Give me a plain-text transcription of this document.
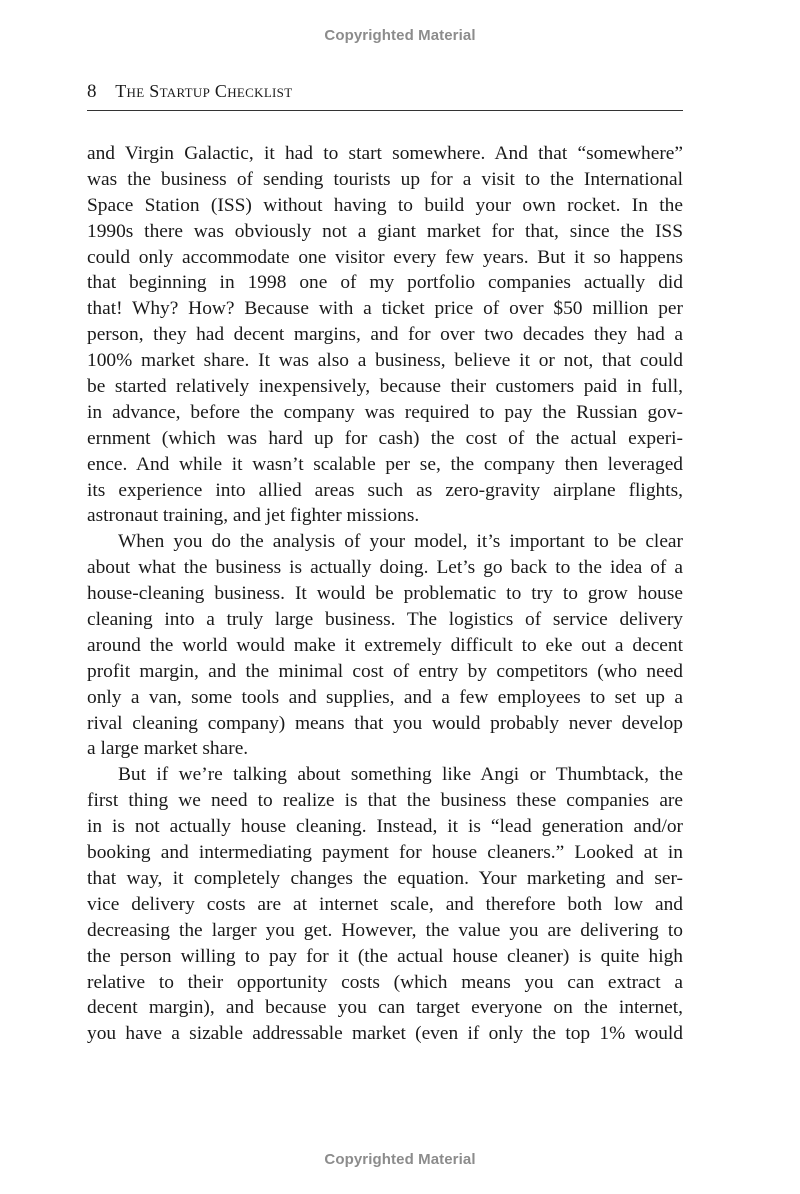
Copyrighted Material
8 The Startup Checklist
and Virgin Galactic, it had to start somewhere. And that “somewhere”
was the business of sending tourists up for a visit to the International
Space Station (ISS) without having to build your own rocket. In the
1990s there was obviously not a giant market for that, since the ISS
could only accommodate one visitor every few years. But it so happens
that beginning in 1998 one of my portfolio companies actually did
that! Why? How? Because with a ticket price of over $50 million per
person, they had decent margins, and for over two decades they had a
100% market share. It was also a business, believe it or not, that could
be started relatively inexpensively, because their customers paid in full,
in advance, before the company was required to pay the Russian gov-
ernment (which was hard up for cash) the cost of the actual experi-
ence. And while it wasn’t scalable per se, the company then leveraged
its experience into allied areas such as zero-gravity airplane flights,
astronaut training, and jet fighter missions.
When you do the analysis of your model, it’s important to be clear
about what the business is actually doing. Let’s go back to the idea of a
house-cleaning business. It would be problematic to try to grow house
cleaning into a truly large business. The logistics of service delivery
around the world would make it extremely difficult to eke out a decent
profit margin, and the minimal cost of entry by competitors (who need
only a van, some tools and supplies, and a few employees to set up a
rival cleaning company) means that you would probably never develop
a large market share.
But if we’re talking about something like Angi or Thumbtack, the
first thing we need to realize is that the business these companies are
in is not actually house cleaning. Instead, it is “lead generation and/or
booking and intermediating payment for house cleaners.” Looked at in
that way, it completely changes the equation. Your marketing and ser-
vice delivery costs are at internet scale, and therefore both low and
decreasing the larger you get. However, the value you are delivering to
the person willing to pay for it (the actual house cleaner) is quite high
relative to their opportunity costs (which means you can extract a
decent margin), and because you can target everyone on the internet,
you have a sizable addressable market (even if only the top 1% would
Copyrighted Material
